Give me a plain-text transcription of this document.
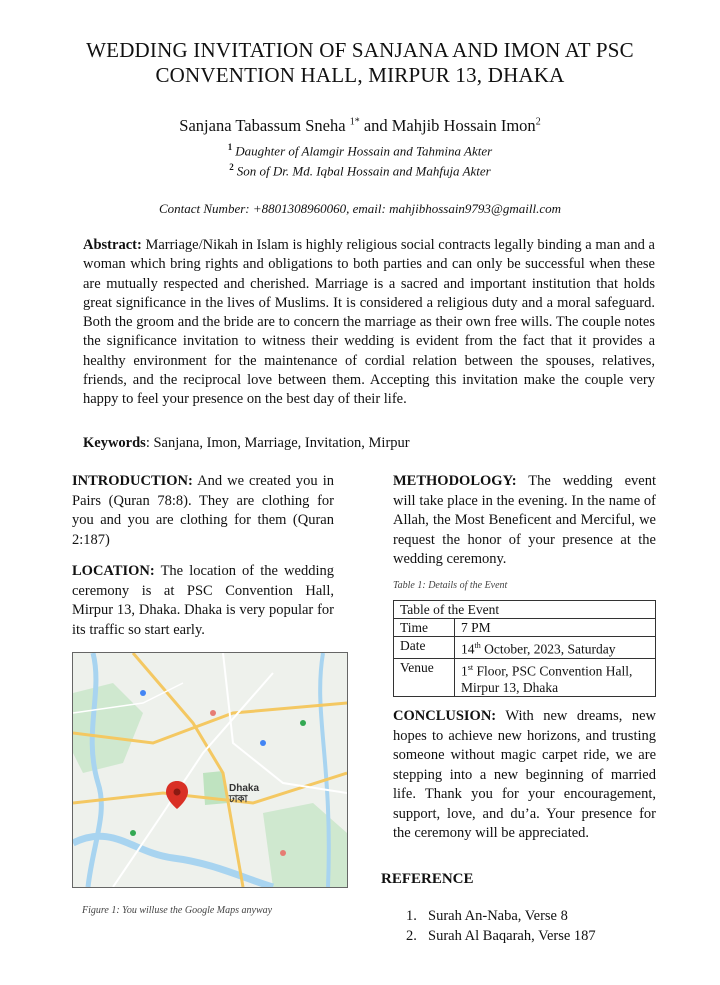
WEDDING INVITATION OF SANJANA AND IMON AT PSC
CONVENTION HALL, MIRPUR 13, DHAKA
Sanjana Tabassum Sneha $^{1*}$ and Mahjib Hossain Imon$^2$
$^1$ Daughter of Alamgir Hossain and Tahmina Akter
$^2$ Son of Dr. Md. Iqbal Hossain and Mahfuja Akter
Contact Number: +8801308960060, email: mahjibhossain9793@gmaill.com
Abstract: Marriage/Nikah in Islam is highly religious social contracts legally binding a man and a woman which bring rights and obligations to both parties and can only be successful when these are mutually respected and cherished. Marriage is a sacred and important institution that holds great significance in the lives of Muslims. It is considered a religious duty and a moral safeguard. Both the groom and the bride are to concern the marriage as their own free wills. The couple notes the significance invitation to witness their wedding is evident from the fact that it provides a healthy environment for the maintenance of cordial relation between the spouses, relatives, friends, and the reciprocal love between them. Accepting this invitation make the couple very happy to feel your presence on the best day of their life.
Keywords: Sanjana, Imon, Marriage, Invitation, Mirpur
INTRODUCTION: And we created you in Pairs (Quran 78:8). They are clothing for you and you are clothing for them (Quran 2:187)
LOCATION: The location of the wedding ceremony is at PSC Convention Hall, Mirpur 13, Dhaka. Dhaka is very popular for its traffic so start early.
Dhaka
ঢাকা
Figure 1: You willuse the Google Maps anyway
METHODOLOGY: The wedding event will take place in the evening. In the name of Allah, the Most Beneficent and Merciful, we request the honor of your presence at the wedding ceremony.
Table 1: Details of the Event
Table of the Event	
Time	7 PM
Date	14th October, 2023, Saturday
Venue	1st Floor, PSC Convention Hall, Mirpur 13, Dhaka
CONCLUSION: With new dreams, new hopes to achieve new horizons, and trusting someone without magic carpet ride, we are stepping into a new beginning of married life. Thank you for your encouragement, support, love, and du’a. Your presence for the ceremony will be appreciated.
REFERENCE
1. Surah An-Naba, Verse 8
2. Surah Al Baqarah, Verse 187
